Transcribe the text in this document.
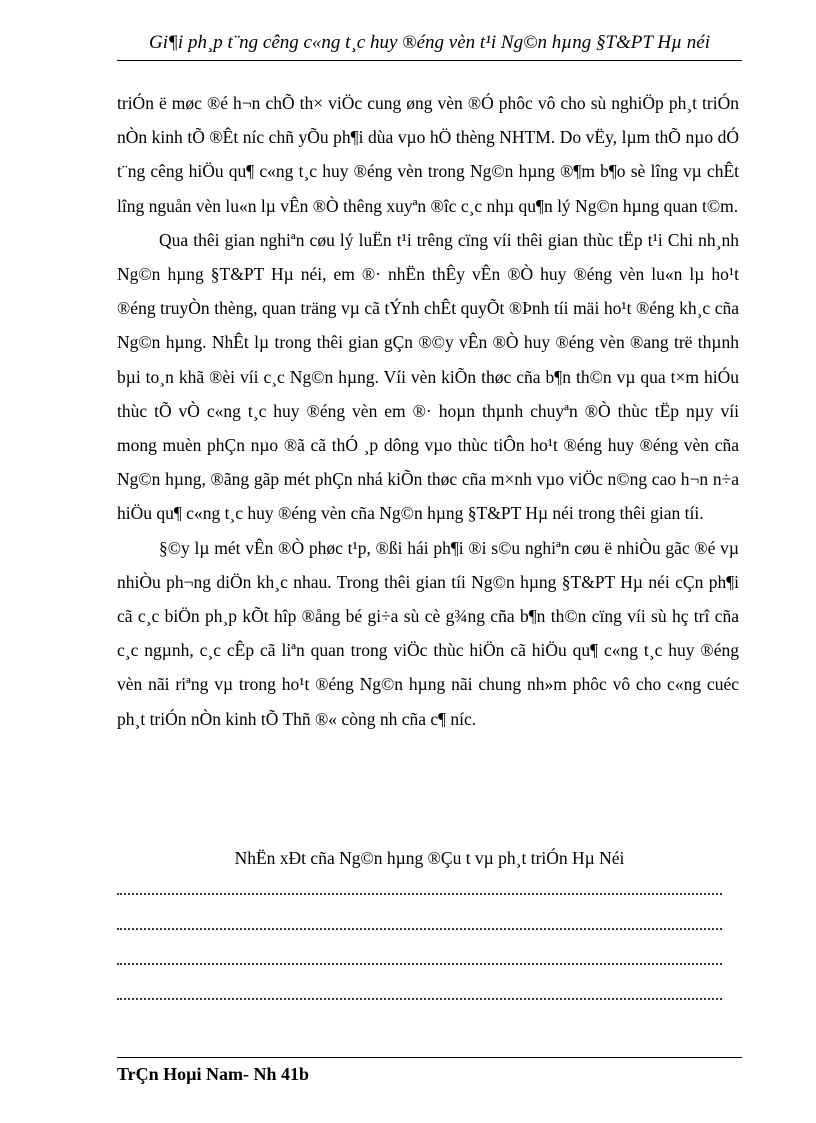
Gi¶i ph¸p t¨ng cêng c«ng t¸c huy ®éng vèn t¹i Ng©n hµng §T&PT Hµ néi

triÓn ë møc ®é h¬n chÕ th× viÖc cung øng vèn ®Ó phôc vô cho sù nghiÖp ph¸t triÓn nÒn kinh tÕ ®Êt níc chñ yÕu ph¶i dùa vµo hÖ thèng NHTM. Do vËy, lµm thÕ nµo dÓ t¨ng cêng hiÖu qu¶ c«ng t¸c huy ®éng vèn trong Ng©n hµng ®¶m b¶o sè lîng vµ chÊt lîng nguån vèn lu«n lµ vÊn ®Ò thêng xuyªn ®îc c¸c nhµ qu¶n lý Ng©n hµng quan t©m.

Qua thêi gian nghiªn cøu lý luËn t¹i trêng cïng víi thêi gian thùc tËp t¹i Chi nh¸nh Ng©n hµng §T&PT Hµ néi, em ®· nhËn thÊy vÊn ®Ò huy ®éng vèn lu«n lµ ho¹t ®éng truyÒn thèng, quan träng vµ cã tÝnh chÊt quyÕt ®Þnh tíi mäi ho¹t ®éng kh¸c cña Ng©n hµng. NhÊt lµ trong thêi gian gÇn ®©y vÊn ®Ò huy ®éng vèn ®ang trë thµnh bµi to¸n khã ®èi víi c¸c Ng©n hµng. Víi vèn kiÕn thøc cña b¶n th©n vµ qua t×m hiÓu thùc tÕ vÒ c«ng t¸c huy ®éng vèn em ®· hoµn thµnh chuyªn ®Ò thùc tËp nµy víi mong muèn phÇn nµo ®ã cã thÓ ¸p dông vµo thùc tiÔn ho¹t ®éng huy ®éng vèn cña Ng©n hµng, ®ãng gãp mét phÇn nhá kiÕn thøc cña m×nh vµo viÖc n©ng cao h¬n n÷a hiÖu qu¶ c«ng t¸c huy ®éng vèn cña Ng©n hµng §T&PT Hµ néi trong thêi gian tíi.

§©y lµ mét vÊn ®Ò phøc t¹p, ®ßi hái ph¶i ®i s©u nghiªn cøu ë nhiÒu gãc ®é vµ nhiÒu ph¬ng diÖn kh¸c nhau. Trong thêi gian tíi Ng©n hµng §T&PT Hµ néi cÇn ph¶i cã c¸c biÖn ph¸p kÕt hîp ®ång bé gi÷a sù cè g¾ng cña b¶n th©n cïng víi sù hç trî cña c¸c ngµnh, c¸c cÊp cã liªn quan trong viÖc thùc hiÖn cã hiÖu qu¶ c«ng t¸c huy ®éng vèn nãi riªng vµ trong ho¹t ®éng Ng©n hµng nãi chung nh»m phôc vô cho c«ng cuéc ph¸t triÓn nÒn kinh tÕ Thñ ®« còng nh cña c¶ níc.

NhËn xÐt cña Ng©n hµng ®Çu t vµ ph¸t triÓn Hµ Néi
TrÇn Hoµi Nam- Nh 41b
